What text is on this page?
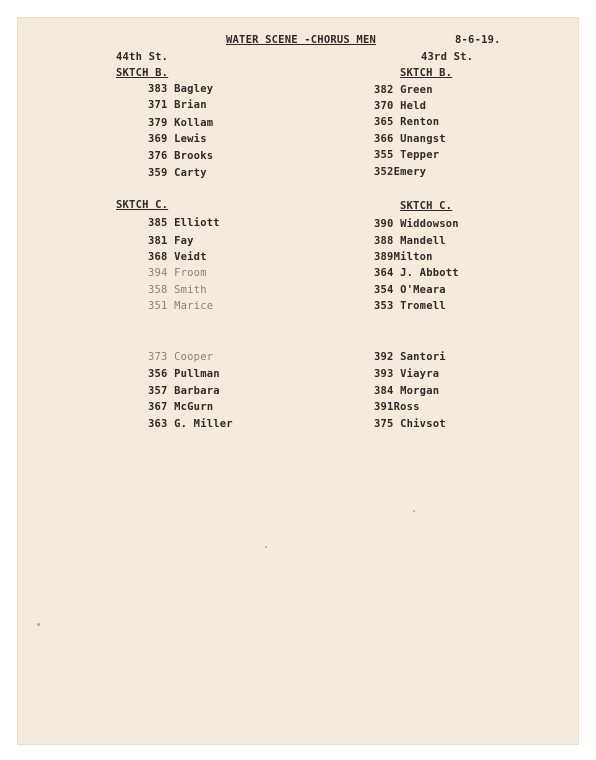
WATER SCENE -CHORUS MEN	8-6-19.
44th St.	43rd St.
SKTCH B.
383 Bagley
371 Brian
379 Kollam
369 Lewis
376 Brooks
359 Carty
SKTCH B.
382 Green
370 Held
365 Renton
366 Unangst
355 Tepper
352Emery
SKTCH C.
385 Elliott
381 Fay
368 Veidt
394 Froom
358 Smith
351 Marice
SKTCH C.
390 Widdowson
388 Mandell
389Milton
364 J. Abbott
354 O'Meara
353 Tromell
373 Cooper
356 Pullman
357 Barbara
367 McGurn
363 G. Miller
392 Santori
393 Viayra
384 Morgan
391Ross
375 Chivsot
